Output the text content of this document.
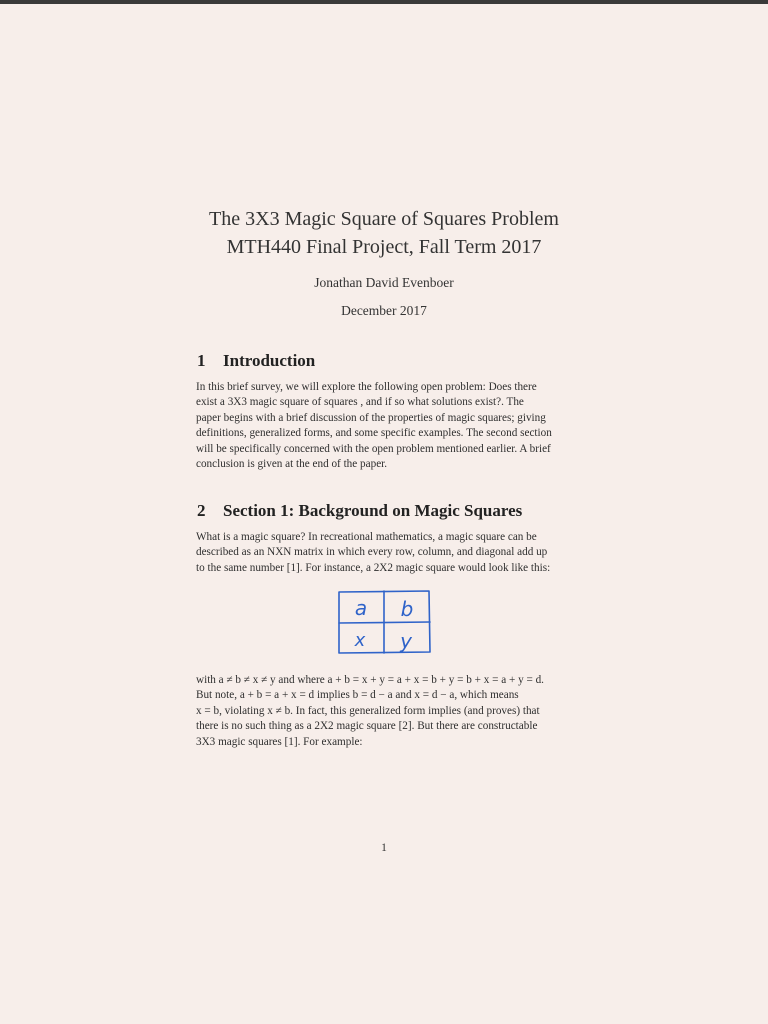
The 3X3 Magic Square of Squares Problem
MTH440 Final Project, Fall Term 2017
Jonathan David Evenboer
December 2017
1 Introduction
In this brief survey, we will explore the following open problem: Does there
exist a 3X3 magic square of squares , and if so what solutions exist?. The
paper begins with a brief discussion of the properties of magic squares; giving
definitions, generalized forms, and some specific examples. The second section
will be specifically concerned with the open problem mentioned earlier. A brief
conclusion is given at the end of the paper.
2 Section 1: Background on Magic Squares
What is a magic square? In recreational mathematics, a magic square can be
described as an NXN matrix in which every row, column, and diagonal add up
to the same number [1]. For instance, a 2X2 magic square would look like this:
a b
x y
with a ≠ b ≠ x ≠ y and where a + b = x + y = a + x = b + y = b + x = a + y = d.
But note, a + b = a + x = d implies b = d − a and x = d − a, which means
x = b, violating x ≠ b. In fact, this generalized form implies (and proves) that
there is no such thing as a 2X2 magic square [2]. But there are constructable
3X3 magic squares [1]. For example:
1
